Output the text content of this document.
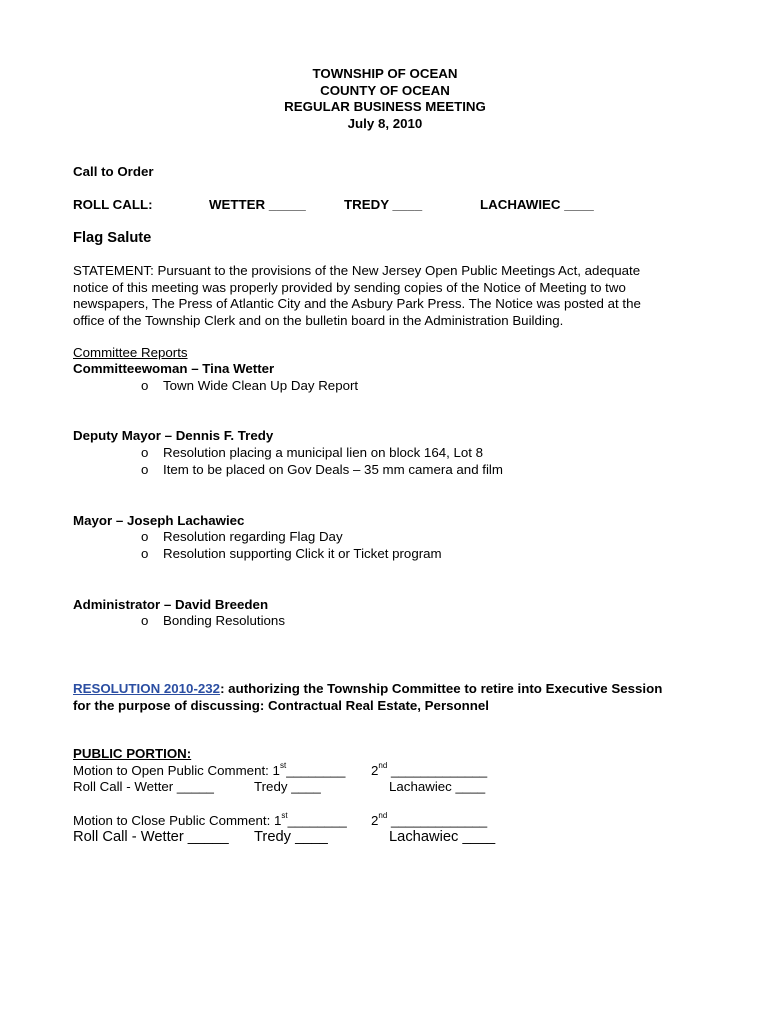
TOWNSHIP OF OCEAN
COUNTY OF OCEAN
REGULAR BUSINESS MEETING
July 8, 2010
Call to Order
ROLL CALL:	WETTER _____	TREDY ____	LACHAWIEC ____
Flag Salute
STATEMENT: Pursuant to the provisions of the New Jersey Open Public Meetings Act, adequate
notice of this meeting was properly provided by sending copies of the Notice of Meeting to two
newspapers, The Press of Atlantic City and the Asbury Park Press. The Notice was posted at the
office of the Township Clerk and on the bulletin board in the Administration Building.
Committee Reports
Committeewoman – Tina Wetter
o Town Wide Clean Up Day Report
Deputy Mayor – Dennis F. Tredy
o Resolution placing a municipal lien on block 164, Lot 8
o Item to be placed on Gov Deals – 35 mm camera and film
Mayor – Joseph Lachawiec
o Resolution regarding Flag Day
o Resolution supporting Click it or Ticket program
Administrator – David Breeden
o Bonding Resolutions
RESOLUTION 2010-232: authorizing the Township Committee to retire into Executive Session
for the purpose of discussing: Contractual Real Estate, Personnel
PUBLIC PORTION:
Motion to Open Public Comment: 1st________ 2nd _____________
Roll Call - Wetter _____	Tredy ____	Lachawiec ____
Motion to Close Public Comment: 1st________ 2nd _____________
Roll Call - Wetter _____ Tredy ____	Lachawiec ____
